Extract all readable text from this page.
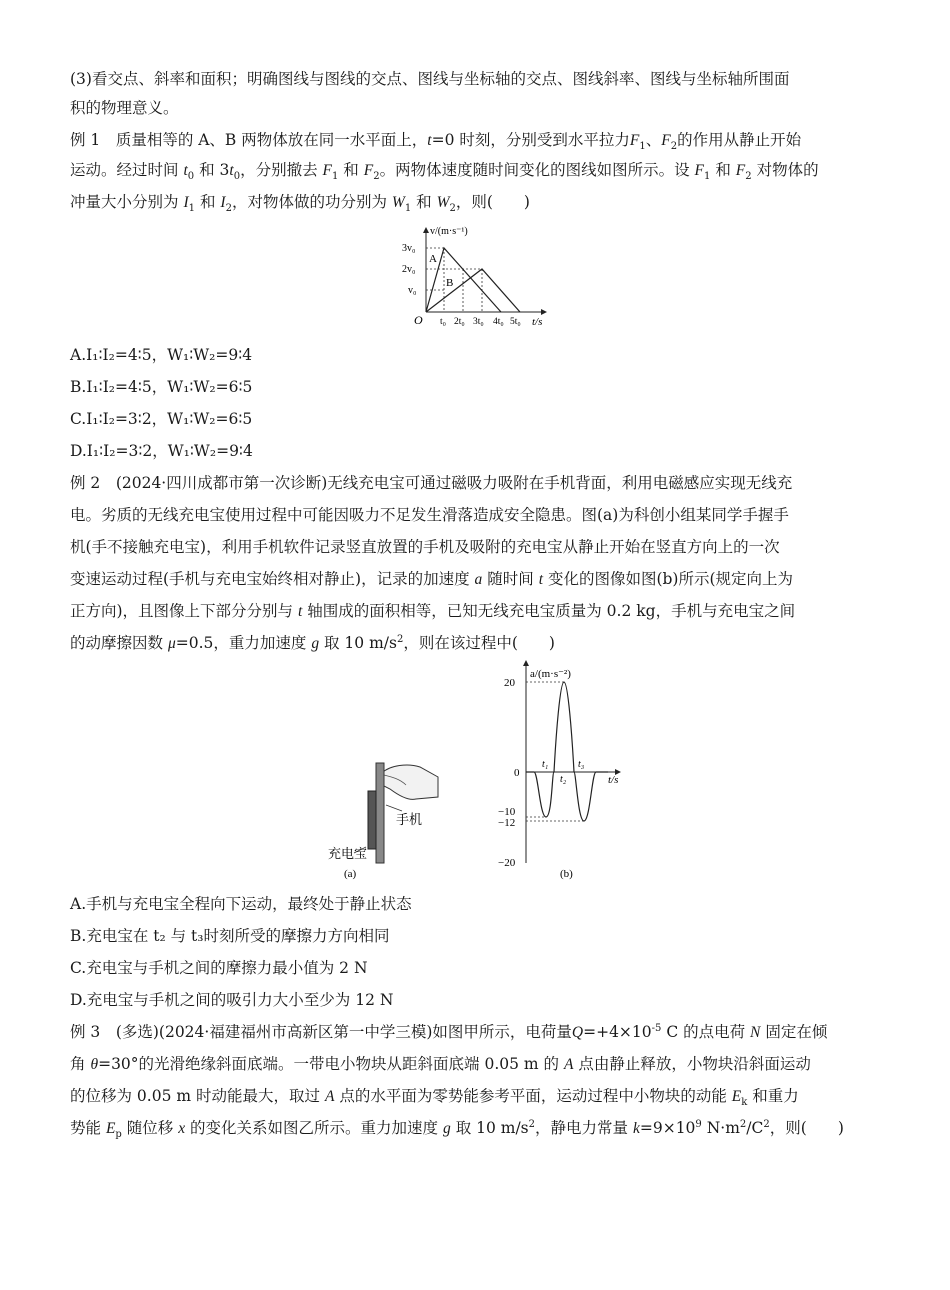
(3)看交点、斜率和面积；明确图线与图线的交点、图线与坐标轴的交点、图线斜率、图线与坐标轴所围面
积的物理意义。
例 1　 质量相等的 A、B 两物体放在同一水平面上，t=0 时刻，分别受到水平拉力$F_1$、$F_2$的作用从静止开始
运动。经过时间 $t_0$ 和 $3t_0$，分别撤去 $F_1$ 和 $F_2$。两物体速度随时间变化的图线如图所示。设 $F_1$ 和 $F_2$ 对物体的
冲量大小分别为 $I_1$ 和 $I_2$，对物体做的功分别为 $W_1$ 和 $W_2$，则(　　)
v/(m·s⁻¹)
t/s
O
3v₀
2v₀
v₀
t₀ 2t₀ 3t₀ 4t₀ 5t₀
A
B
A.I₁∶I₂=4∶5，W₁∶W₂=9∶4
B.I₁∶I₂=4∶5，W₁∶W₂=6∶5
C.I₁∶I₂=3∶2，W₁∶W₂=6∶5
D.I₁∶I₂=3∶2，W₁∶W₂=9∶4
例 2　 (2024·四川成都市第一次诊断)无线充电宝可通过磁吸力吸附在手机背面，利用电磁感应实现无线充
电。劣质的无线充电宝使用过程中可能因吸力不足发生滑落造成安全隐患。图(a)为科创小组某同学手握手
机(手不接触充电宝)，利用手机软件记录竖直放置的手机及吸附的充电宝从静止开始在竖直方向上的一次
变速运动过程(手机与充电宝始终相对静止)，记录的加速度 a 随时间 t 变化的图像如图(b)所示(规定向上为
正方向)，且图像上下部分分别与 t 轴围成的面积相等，已知无线充电宝质量为 0.2 kg，手机与充电宝之间
的动摩擦因数 μ=0.5，重力加速度 g 取 10 $m/s^2$，则在该过程中(　　)
手机
充电宝
(a)
a/(m·s⁻²)
t/s
20
0
−10
−12
−20
t₁
t₂
t₃
(b)
A.手机与充电宝全程向下运动，最终处于静止状态
B.充电宝在 t₂ 与 t₃时刻所受的摩擦力方向相同
C.充电宝与手机之间的摩擦力最小值为 2 N
D.充电宝与手机之间的吸引力大小至少为 12 N
例 3　 (多选)(2024·福建福州市高新区第一中学三模)如图甲所示，电荷量$Q=+4\times 10^{-5}$ C 的点电荷 N 固定在倾
角 θ=30°的光滑绝缘斜面底端。一带电小物块从距斜面底端 0.05 m 的 A 点由静止释放，小物块沿斜面运动
的位移为 0.05 m 时动能最大，取过 A 点的水平面为零势能参考平面，运动过程中小物块的动能 $E_k$ 和重力
势能 $E_p$ 随位移 x 的变化关系如图乙所示。重力加速度 g 取 10 $m/s^2$，静电力常量 $k=9\times 10^9$ $N\cdot m^2/C^2$，则(　　)
